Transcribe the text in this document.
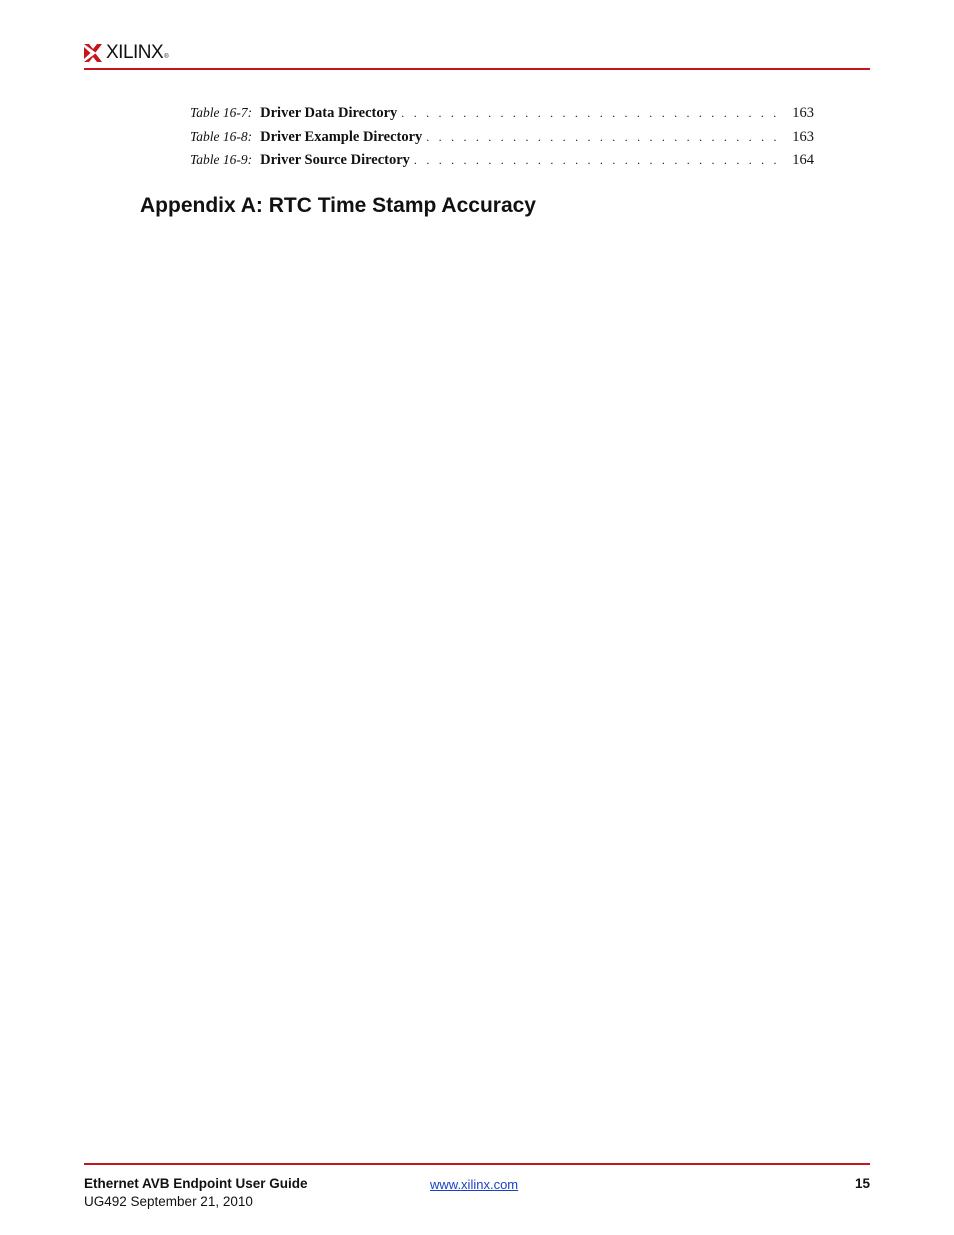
XILINX ®
Table 16-7: Driver Data Directory . . .	163
Table 16-8: Driver Example Directory . . .	163
Table 16-9: Driver Source Directory . . .	164
Appendix A: RTC Time Stamp Accuracy
Ethernet AVB Endpoint User Guide
UG492 September 21, 2010
www.xilinx.com	15
